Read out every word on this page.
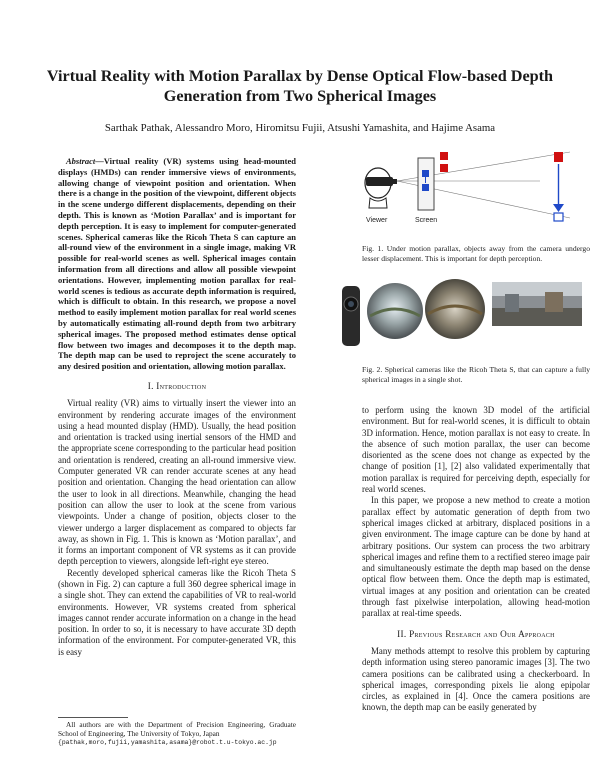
Virtual Reality with Motion Parallax by Dense Optical Flow-based Depth Generation from Two Spherical Images
Sarthak Pathak, Alessandro Moro, Hiromitsu Fujii, Atsushi Yamashita, and Hajime Asama
Abstract—Virtual reality (VR) systems using head-mounted displays (HMDs) can render immersive views of environments, allowing change of viewpoint position and orientation. When there is a change in the position of the viewpoint, different objects in the scene undergo different displacements, depending on their depth. This is known as ‘Motion Parallax’ and is important for depth perception. It is easy to implement for computer-generated scenes. Spherical cameras like the Ricoh Theta S can capture an all-round view of the environment in a single image, making VR possible for real-world scenes as well. Spherical images contain information from all directions and allow all possible viewpoint orientations. However, implementing motion parallax for real-world scenes is tedious as accurate depth information is required, which is difficult to obtain. In this research, we propose a novel method to easily implement motion parallax for real world scenes by automatically estimating all-round depth from two arbitrary spherical images. The proposed method estimates dense optical flow between two images and decomposes it to the depth map. The depth map can be used to reproject the scene accurately to any desired position and orientation, allowing motion parallax.
I. Introduction

Virtual reality (VR) aims to virtually insert the viewer into an environment by rendering accurate images of the environment using a head mounted display (HMD). Usually, the head position and orientation is tracked using inertial sensors of the HMD and the appropriate scene corresponding to the particular head position and orientation is rendered, creating an all-round immersive view. Computer generated VR can render accurate scenes at any head position and orientation. Changing the head orientation can allow the user to look in all directions. Meanwhile, changing the head position can allow the user to look at the scene from various viewpoints. Under a change of position, objects closer to the viewer undergo a larger displacement as compared to objects far away, as shown in Fig. 1. This is known as ‘Motion parallax’, and it forms an important component of VR systems as it can provide depth perception to viewers, alongside left-right eye stereo.

Recently developed spherical cameras like the Ricoh Theta S (shown in Fig. 2) can capture a full 360 degree spherical image in a single shot. They can extend the capabilities of VR to real-world environments. However, VR systems created from spherical images cannot render accurate information on a change in the head position. In order to so, it is necessary to have accurate 3D depth information of the environment. For computer-generated VR, this is easy

All authors are with the Department of Precision Engineering, Graduate School of Engineering, The University of Tokyo, Japan

{pathak,moro,fujii,yamashita,asama}@robot.t.u-tokyo.ac.jp
Viewer	Screen
Fig. 1. Under motion parallax, objects away from the camera undergo lesser displacement. This is important for depth perception.
Fig. 2. Spherical cameras like the Ricoh Theta S, that can capture a fully spherical images in a single shot.

to perform using the known 3D model of the artificial environment. But for real-world scenes, it is difficult to obtain 3D information. Hence, motion parallax is not easy to create. In the absence of such motion parallax, the user can become disoriented as the scene does not change as expected by the change of position [1], [2] also validated experimentally that motion parallax is required for perceiving depth, especially for real world scenes.

In this paper, we propose a new method to create a motion parallax effect by automatic generation of depth from two spherical images clicked at arbitrary, displaced positions in a given environment. The image capture can be done by hand at arbitrary positions. Our system can process the two arbitrary spherical images and refine them to a rectified stereo image pair and simultaneously estimate the depth map based on the dense optical flow between them. Once the depth map is estimated, virtual images at any position and orientation can be created through fast pixelwise interpolation, allowing head-motion parallax at real-time speeds.

II. Previous Research and Our Approach

Many methods attempt to resolve this problem by capturing depth information using stereo panoramic images [3]. The two camera positions can be calibrated using a checkerboard. In spherical images, corresponding pixels lie along epipolar circles, as explained in [4]. Once the camera positions are known, the depth map can be easily generated by
